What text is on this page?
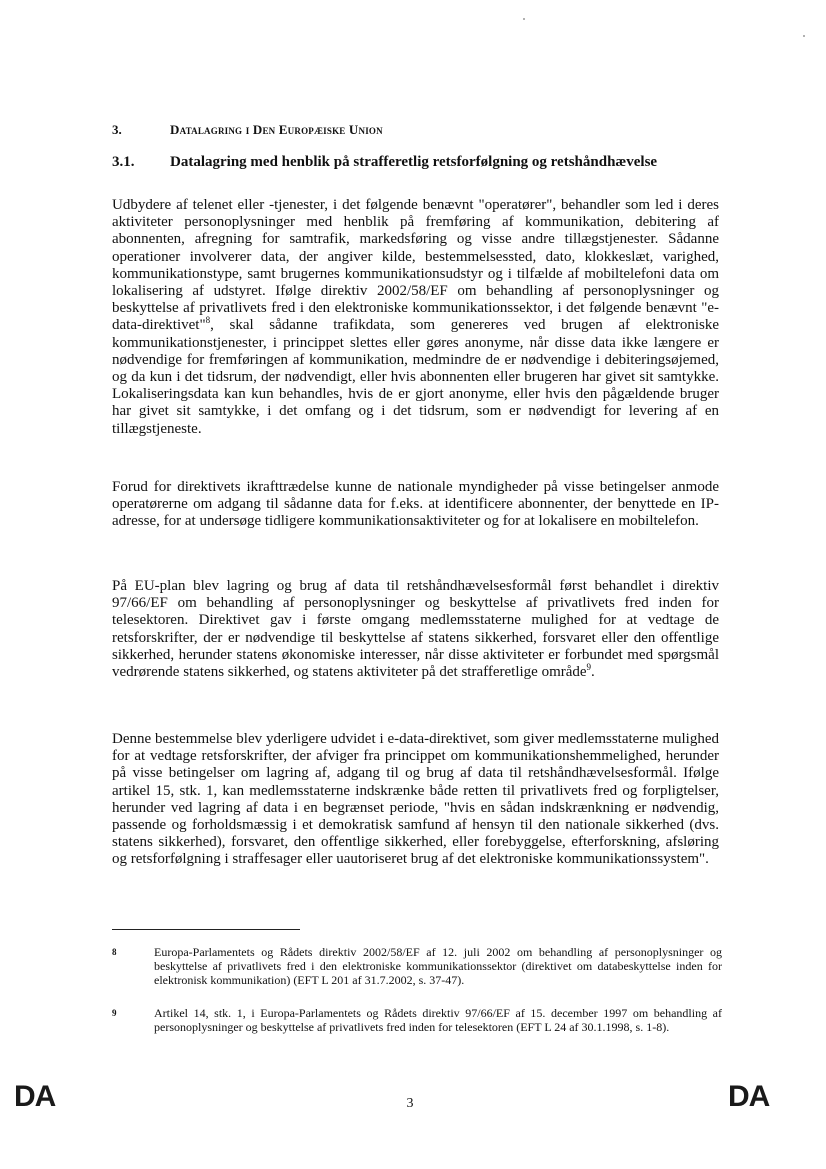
3.	Datalagring i Den Europæiske Union
3.1.	Datalagring med henblik på strafferetlig retsforfølgning og retshåndhævelse

Udbydere af telenet eller -tjenester, i det følgende benævnt "operatører", behandler som led i deres aktiviteter personoplysninger med henblik på fremføring af kommunikation, debitering af abonnenten, afregning for samtrafik, markedsføring og visse andre tillægstjenester. Sådanne operationer involverer data, der angiver kilde, bestemmelsessted, dato, klokkeslæt, varighed, kommunikationstype, samt brugernes kommunikationsudstyr og i tilfælde af mobiltelefoni data om lokalisering af udstyret. Ifølge direktiv 2002/58/EF om behandling af personoplysninger og beskyttelse af privatlivets fred i den elektroniske kommunikationssektor, i det følgende benævnt "e-data-direktivet"$^8$, skal sådanne trafikdata, som genereres ved brugen af elektroniske kommunikationstjenester, i princippet slettes eller gøres anonyme, når disse data ikke længere er nødvendige for fremføringen af kommunikation, medmindre de er nødvendige i debiteringsøjemed, og da kun i det tidsrum, der nødvendigt, eller hvis abonnenten eller brugeren har givet sit samtykke. Lokaliseringsdata kan kun behandles, hvis de er gjort anonyme, eller hvis den pågældende bruger har givet sit samtykke, i det omfang og i det tidsrum, som er nødvendigt for levering af en tillægstjeneste.

Forud for direktivets ikrafttrædelse kunne de nationale myndigheder på visse betingelser anmode operatørerne om adgang til sådanne data for f.eks. at identificere abonnenter, der benyttede en IP-adresse, for at undersøge tidligere kommunikationsaktiviteter og for at lokalisere en mobiltelefon.

På EU-plan blev lagring og brug af data til retshåndhævelsesformål først behandlet i direktiv 97/66/EF om behandling af personoplysninger og beskyttelse af privatlivets fred inden for telesektoren. Direktivet gav i første omgang medlemsstaterne mulighed for at vedtage de retsforskrifter, der er nødvendige til beskyttelse af statens sikkerhed, forsvaret eller den offentlige sikkerhed, herunder statens økonomiske interesser, når disse aktiviteter er forbundet med spørgsmål vedrørende statens sikkerhed, og statens aktiviteter på det strafferetlige område$^9$.

Denne bestemmelse blev yderligere udvidet i e-data-direktivet, som giver medlemsstaterne mulighed for at vedtage retsforskrifter, der afviger fra princippet om kommunikationshemmelighed, herunder på visse betingelser om lagring af, adgang til og brug af data til retshåndhævelsesformål. Ifølge artikel 15, stk. 1, kan medlemsstaterne indskrænke både retten til privatlivets fred og forpligtelser, herunder ved lagring af data i en begrænset periode, "hvis en sådan indskrænkning er nødvendig, passende og forholdsmæssig i et demokratisk samfund af hensyn til den nationale sikkerhed (dvs. statens sikkerhed), forsvaret, den offentlige sikkerhed, eller forebyggelse, efterforskning, afsløring og retsforfølgning i straffesager eller uautoriseret brug af det elektroniske kommunikationssystem".

8	Europa-Parlamentets og Rådets direktiv 2002/58/EF af 12. juli 2002 om behandling af personoplysninger og beskyttelse af privatlivets fred i den elektroniske kommunikationssektor (direktivet om databeskyttelse inden for elektronisk kommunikation) (EFT L 201 af 31.7.2002, s. 37-47).
9	Artikel 14, stk. 1, i Europa-Parlamentets og Rådets direktiv 97/66/EF af 15. december 1997 om behandling af personoplysninger og beskyttelse af privatlivets fred inden for telesektoren (EFT L 24 af 30.1.1998, s. 1-8).
DA	3	DA
